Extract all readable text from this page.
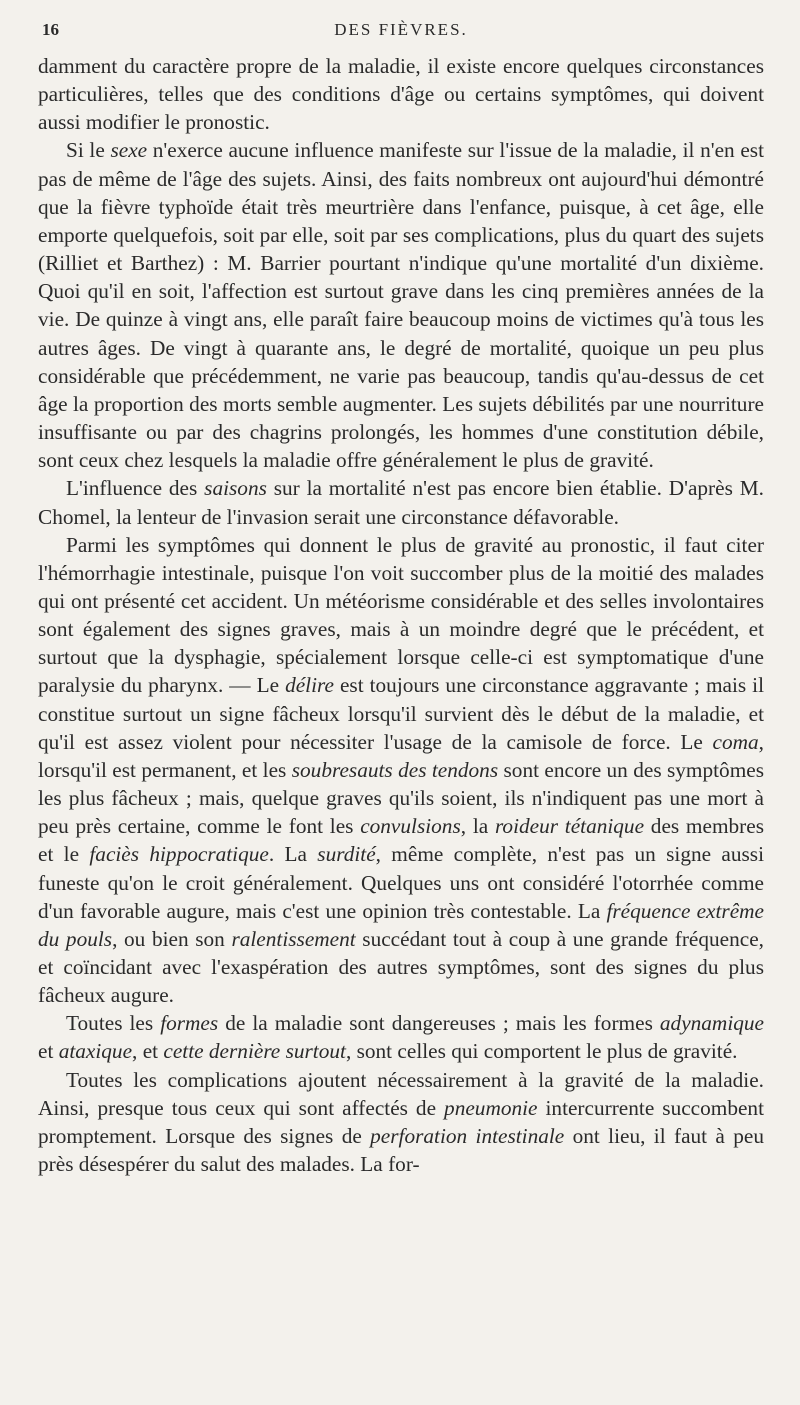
16	DES FIÈVRES.

damment du caractère propre de la maladie, il existe encore quelques circonstances particulières, telles que des conditions d'âge ou certains symptômes, qui doivent aussi modifier le pronostic.

Si le sexe n'exerce aucune influence manifeste sur l'issue de la maladie, il n'en est pas de même de l'âge des sujets. Ainsi, des faits nombreux ont aujourd'hui démontré que la fièvre typhoïde était très meurtrière dans l'enfance, puisque, à cet âge, elle emporte quelquefois, soit par elle, soit par ses complications, plus du quart des sujets (Rilliet et Barthez) : M. Barrier pourtant n'indique qu'une mortalité d'un dixième. Quoi qu'il en soit, l'affection est surtout grave dans les cinq premières années de la vie. De quinze à vingt ans, elle paraît faire beaucoup moins de victimes qu'à tous les autres âges. De vingt à quarante ans, le degré de mortalité, quoique un peu plus considérable que précédemment, ne varie pas beaucoup, tandis qu'au-dessus de cet âge la proportion des morts semble augmenter. Les sujets débilités par une nourriture insuffisante ou par des chagrins prolongés, les hommes d'une constitution débile, sont ceux chez lesquels la maladie offre généralement le plus de gravité.

L'influence des saisons sur la mortalité n'est pas encore bien établie. D'après M. Chomel, la lenteur de l'invasion serait une circonstance défavorable.

Parmi les symptômes qui donnent le plus de gravité au pronostic, il faut citer l'hémorrhagie intestinale, puisque l'on voit succomber plus de la moitié des malades qui ont présenté cet accident. Un météorisme considérable et des selles involontaires sont également des signes graves, mais à un moindre degré que le précédent, et surtout que la dysphagie, spécialement lorsque celle-ci est symptomatique d'une paralysie du pharynx. — Le délire est toujours une circonstance aggravante ; mais il constitue surtout un signe fâcheux lorsqu'il survient dès le début de la maladie, et qu'il est assez violent pour nécessiter l'usage de la camisole de force. Le coma, lorsqu'il est permanent, et les soubresauts des tendons sont encore un des symptômes les plus fâcheux ; mais, quelque graves qu'ils soient, ils n'indiquent pas une mort à peu près certaine, comme le font les convulsions, la roideur tétanique des membres et le faciès hippocratique. La surdité, même complète, n'est pas un signe aussi funeste qu'on le croit généralement. Quelques uns ont considéré l'otorrhée comme d'un favorable augure, mais c'est une opinion très contestable. La fréquence extrême du pouls, ou bien son ralentissement succédant tout à coup à une grande fréquence, et coïncidant avec l'exaspération des autres symptômes, sont des signes du plus fâcheux augure.

Toutes les formes de la maladie sont dangereuses ; mais les formes adynamique et ataxique, et cette dernière surtout, sont celles qui comportent le plus de gravité.

Toutes les complications ajoutent nécessairement à la gravité de la maladie. Ainsi, presque tous ceux qui sont affectés de pneumonie intercurrente succombent promptement. Lorsque des signes de perforation intestinale ont lieu, il faut à peu près désespérer du salut des malades. La for-
